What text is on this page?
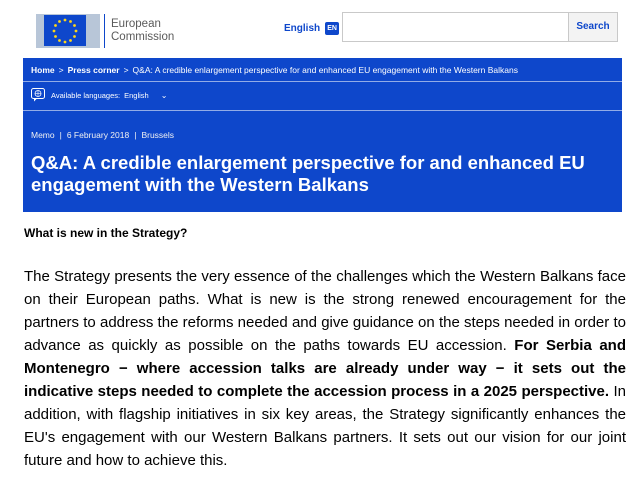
European
Commission
English	EN	Search
Home > Press corner > Q&A: A credible enlargement perspective for and enhanced EU engagement with the Western Balkans
Available languages: English ⌄
Memo | 6 February 2018 | Brussels
Q&A: A credible enlargement perspective for and enhanced EU engagement with the Western Balkans
What is new in the Strategy?

The Strategy presents the very essence of the challenges which the Western Balkans face on their European paths. What is new is the strong renewed encouragement for the partners to address the reforms needed and give guidance on the steps needed in order to advance as quickly as possible on the paths towards EU accession. For Serbia and Montenegro − where accession talks are already under way − it sets out the indicative steps needed to complete the accession process in a 2025 perspective. In addition, with flagship initiatives in six key areas, the Strategy significantly enhances the EU's engagement with our Western Balkans partners. It sets out our vision for our joint future and how to achieve this.
